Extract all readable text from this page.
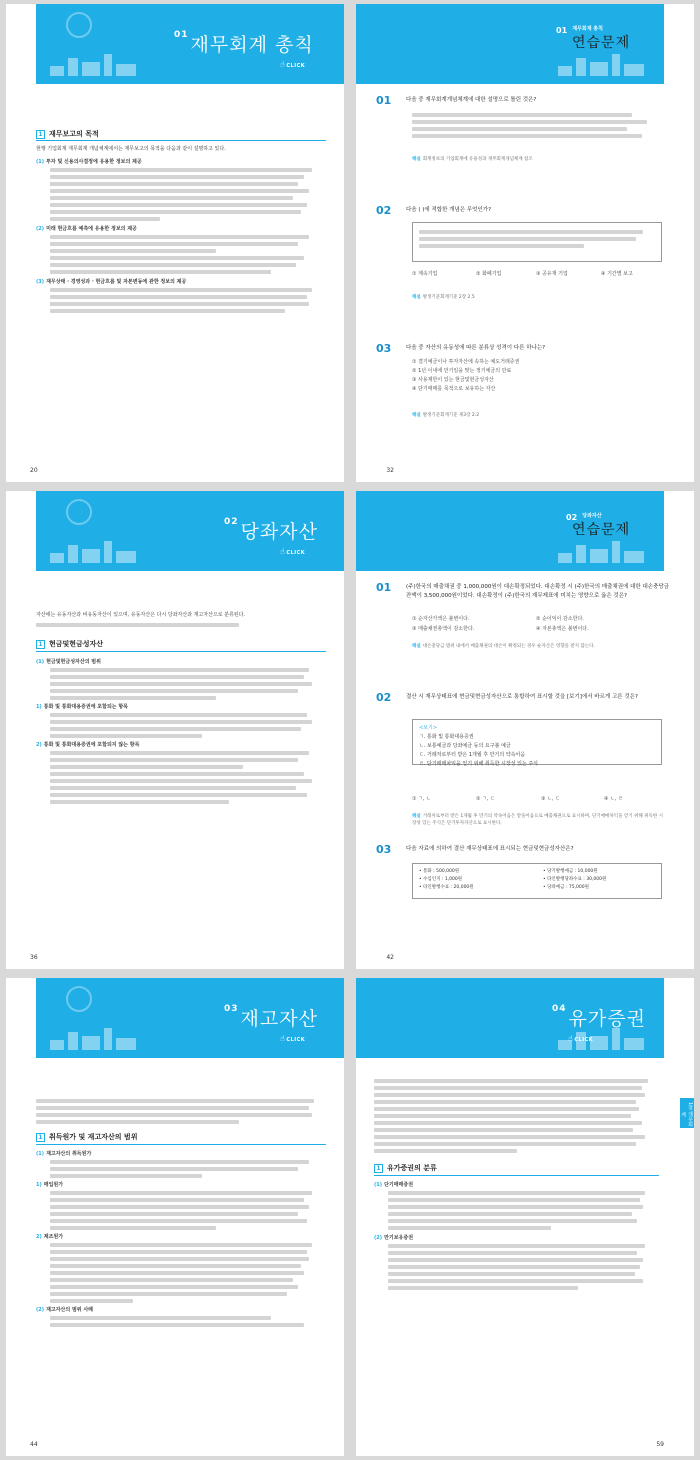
$^{01}$ 재무회계 총칙
☝CLICK
1 재무보고의 목적
현행 기업회계 재무회계 개념체계에서는 재무보고의 목적을 다음과 같이 설명하고 있다.
(1) 투자 및 신용의사결정에 유용한 정보의 제공
(2) 미래 현금흐름 예측에 유용한 정보의 제공
(3) 재무상태 · 경영성과 · 현금흐름 및 자본변동에 관한 정보의 제공
20
01 재무회계 총칙
연습문제
01	다음 중 재무회계개념체계에 대한 설명으로 틀린 것은?
해설 회계정보의 기업회계에 유용성과 재무회계개념체계 참조
02	다음 ( )에 적합한 개념은 무엇인가?
① 계속기업	② 화폐기업	③ 공유재 기업	④ 기간별 보고
해설 발생기준회계기준 2장 2.5
03	다음 중 자산의 유동성에 따른 분류상 성격이 다른 하나는?
① 결기예금이나 투자자산에 속하는 예도거래증권
② 1년 이내에 만기일을 맞는 정기예금의 만료
③ 사용제한이 있는 현금및현금성자산
④ 단기매매를 목적으로 보유하는 자산
해설 발생기준회계기준 제3장 2.2
32
$^{02}$ 당좌자산
☝CLICK
자산에는 유동자산과 비유동자산이 있으며, 유동자산은 다시 당좌자산과 재고자산으로 분류된다.
1 현금및현금성자산
(1) 현금및현금성자산의 범위
1) 통화 및 통화대용증권에 포함되는 항목
2) 통화 및 통화대용증권에 포함되지 않는 항목
36
02 당좌자산
연습문제
01	(주)한국의 매출채권 중 1,000,000원이 대손확정되었다. 대손확정 시 (주)한국의 매출채권에 대한 대손충당금 잔액이 3,500,000원이었다. 대손확정이 (주)한국의 재무제표에 미치는 영향으로 옳은 것은?
① 순자산가액은 불변이다.	② 순이익이 감소한다.
③ 매출채권총액이 감소한다.	④ 자본총액은 불변이다.
해설 대손충당금 범위 내에서 매출채권의 대손이 확정되는 경우 순자산은 영향을 받지 않는다.
02	결산 시 재무상태표에 현금및현금성자산으로 통합하여 표시할 것을 [보기]에서 바르게 고른 것은?
<보기>
ㄱ. 통화 및 통화대용증권
ㄴ. 보통예금과 당좌예금 등의 요구불 예금
ㄷ. 거래처로부터 받은 1개월 후 만기의 약속어음
ㄹ. 단기매매차익을 얻기 위해 취득한 시장성 있는 주식
① ㄱ, ㄴ	② ㄱ, ㄷ	③ ㄴ, ㄷ	④ ㄴ, ㄹ
해설 거래처로부터 받은 1개월 후 만기의 약속어음은 받을어음으로 매출채권으로 표시하며, 단기매매차익을 얻기 위해 취득한 시장성 있는 주식은 단기투자자산으로 표시한다.
03	다음 자료에 의하여 결산 재무상태표에 표시되는 현금및현금성자산은?
• 통화 : 500,000원
• 수입인지 : 1,000원
• 타인발행수표 : 20,000원
• 당기발행예금 : 10,000원
• 타인발행당좌수표 : 30,000원
• 당좌예금 : 75,000원
42
$^{03}$ 재고자산
☝CLICK
1 취득원가 및 재고자산의 범위
(1) 재고자산의 취득원가
1) 매입원가
2) 제조원가
(2) 재고자산의 범위 사례
44
$^{04}$ 유가증권
☝CLICK
1장 재무회계
1 유가증권의 분류
(1) 단기매매증권
(2) 만기보유증권
59
